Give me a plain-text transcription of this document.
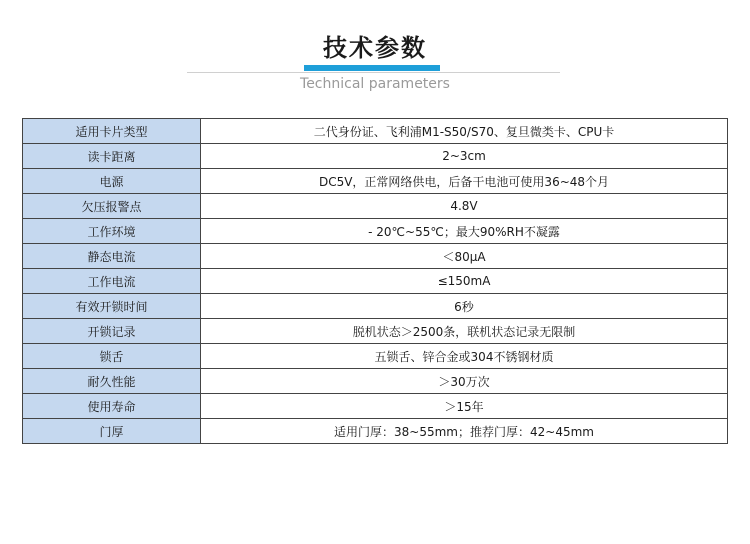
技术参数
Technical parameters
适用卡片类型	二代身份证、飞利浦M1-S50/S70、复旦微类卡、CPU卡
读卡距离	2~3cm
电源	DC5V，正常网络供电，后备干电池可使用36~48个月
欠压报警点	4.8V
工作环境	- 20℃~55℃；最大90%RH不凝露
静态电流	＜80μA
工作电流	≤150mA
有效开锁时间	6秒
开锁记录	脱机状态＞2500条，联机状态记录无限制
锁舌	五锁舌、锌合金或304不锈钢材质
耐久性能	＞30万次
使用寿命	＞15年
门厚	适用门厚：38~55mm；推荐门厚：42~45mm
